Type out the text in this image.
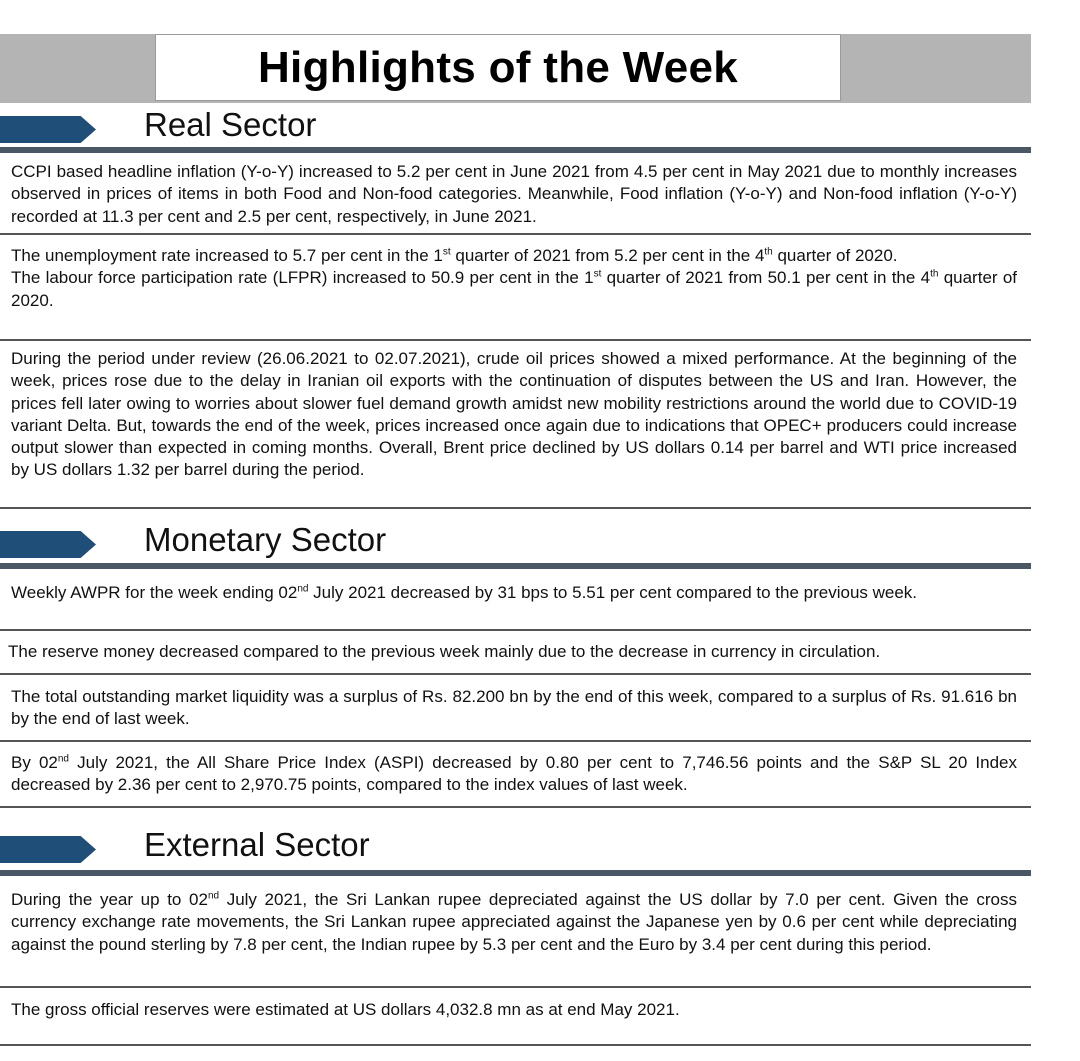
Highlights of the Week
Real Sector
CCPI based headline inflation (Y-o-Y) increased to 5.2 per cent in June 2021 from 4.5 per cent in May 2021 due to monthly increases observed in prices of items in both Food and Non-food categories. Meanwhile, Food inflation (Y-o-Y) and Non-food inflation (Y-o-Y) recorded at 11.3 per cent and 2.5 per cent, respectively, in June 2021.
The unemployment rate increased to 5.7 per cent in the 1st quarter of 2021 from 5.2 per cent in the 4th quarter of 2020.
The labour force participation rate (LFPR) increased to 50.9 per cent in the 1st quarter of 2021 from 50.1 per cent in the 4th quarter of 2020.
During the period under review (26.06.2021 to 02.07.2021), crude oil prices showed a mixed performance. At the beginning of the week, prices rose due to the delay in Iranian oil exports with the continuation of disputes between the US and Iran. However, the prices fell later owing to worries about slower fuel demand growth amidst new mobility restrictions around the world due to COVID-19 variant Delta. But, towards the end of the week, prices increased once again due to indications that OPEC+ producers could increase output slower than expected in coming months. Overall, Brent price declined by US dollars 0.14 per barrel and WTI price increased by US dollars 1.32 per barrel during the period.
Monetary Sector
Weekly AWPR for the week ending 02nd July 2021 decreased by 31 bps to 5.51 per cent compared to the previous week.
The reserve money decreased compared to the previous week mainly due to the decrease in currency in circulation.
The total outstanding market liquidity was a surplus of Rs. 82.200 bn by the end of this week, compared to a surplus of Rs. 91.616 bn by the end of last week.
By 02nd July 2021, the All Share Price Index (ASPI) decreased by 0.80 per cent to 7,746.56 points and the S&P SL 20 Index decreased by 2.36 per cent to 2,970.75 points, compared to the index values of last week.
External Sector
During the year up to 02nd July 2021, the Sri Lankan rupee depreciated against the US dollar by 7.0 per cent. Given the cross currency exchange rate movements, the Sri Lankan rupee appreciated against the Japanese yen by 0.6 per cent while depreciating against the pound sterling by 7.8 per cent, the Indian rupee by 5.3 per cent and the Euro by 3.4 per cent during this period.
The gross official reserves were estimated at US dollars 4,032.8 mn as at end May 2021.
